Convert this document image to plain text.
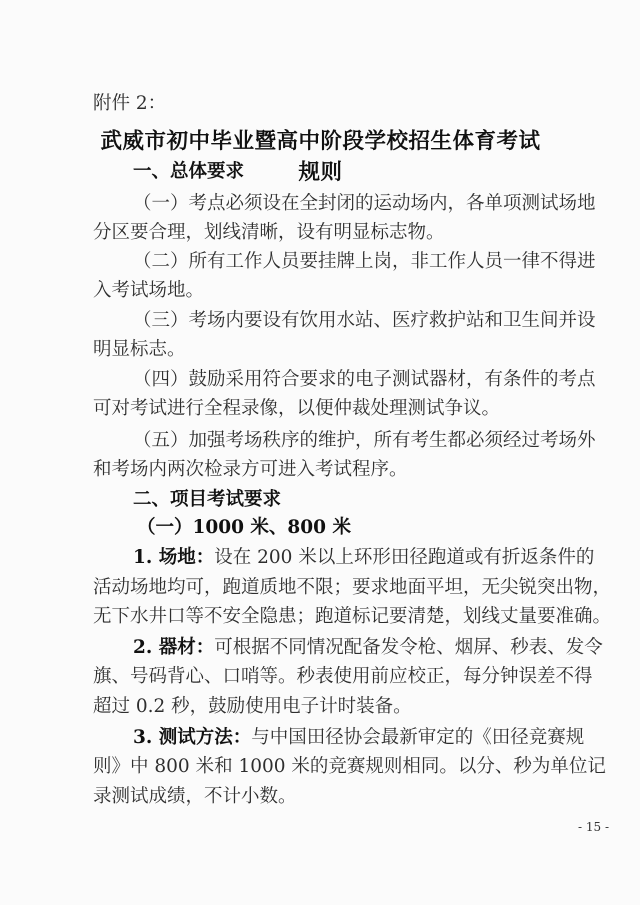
附件 2：
武威市初中毕业暨高中阶段学校招生体育考试规则
一、总体要求
（一）考点必须设在全封闭的运动场内，各单项测试场地
分区要合理，划线清晰，设有明显标志物。
（二）所有工作人员要挂牌上岗，非工作人员一律不得进
入考试场地。
（三）考场内要设有饮用水站、医疗救护站和卫生间并设
明显标志。
（四）鼓励采用符合要求的电子测试器材，有条件的考点
可对考试进行全程录像，以便仲裁处理测试争议。
（五）加强考场秩序的维护，所有考生都必须经过考场外
和考场内两次检录方可进入考试程序。
二、项目考试要求
（一）1000 米、800 米
1. 场地：设在 200 米以上环形田径跑道或有折返条件的
活动场地均可，跑道质地不限；要求地面平坦，无尖锐突出物，
无下水井口等不安全隐患；跑道标记要清楚，划线丈量要准确。
2. 器材：可根据不同情况配备发令枪、烟屏、秒表、发令
旗、号码背心、口哨等。秒表使用前应校正，每分钟误差不得
超过 0.2 秒，鼓励使用电子计时装备。
3. 测试方法：与中国田径协会最新审定的《田径竞赛规
则》中 800 米和 1000 米的竞赛规则相同。以分、秒为单位记
录测试成绩，不计小数。
- 15 -
